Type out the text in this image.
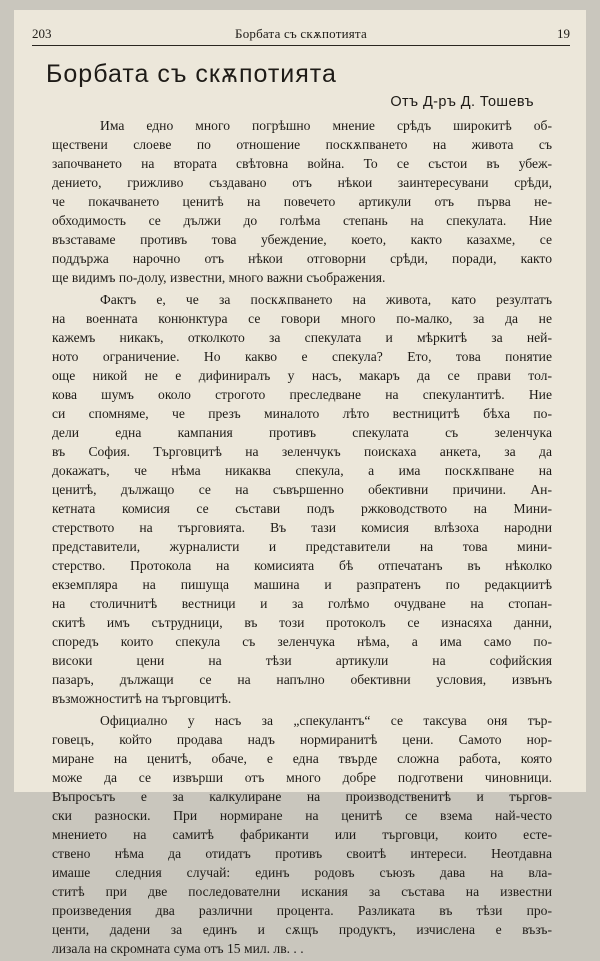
203	Борбата съ скѫпотията	19
Борбата съ скѫпотията
Отъ Д-ръ Д. Тошевъ
Има едно много погрѣшно мнение срѣдъ широкитѣ об-
ществени слоеве по отношение поскѫпването на живота съ
започването на втората свѣтовна война. То се състои въ убеж-
дението, грижливо създавано отъ нѣкои заинтересувани срѣди,
че покачването ценитѣ на повечето артикули отъ първа не-
обходимость се дължи до голѣма степань на спекулата. Ние
възставаме противъ това убеждение, което, както казахме, се
поддържа нарочно отъ нѣкои отговорни срѣди, поради, както
ще видимъ по-долу, известни, много важни съображения.
Фактъ е, че за поскѫпването на живота, като резултатъ
на военната конюнктура се говори много по-малко, за да не
кажемъ никакъ, отколкото за спекулата и мѣркитѣ за ней-
ното ограничение. Но какво е спекула? Ето, това понятие
още никой не е дифиниралъ у насъ, макаръ да се прави тол-
кова шумъ около строгото преследване на спекулантитѣ. Ние
си спомняме, че презъ миналото лѣто вестницитѣ бѣха по-
дели една кампания противъ спекулата съ зеленчука
въ София. Търговцитѣ на зеленчукъ поискаха анкета, за да
докажатъ, че нѣма никаква спекула, а има поскѫпване на
ценитѣ, дължащо се на съвършенно обективни причини. Ан-
кетната комисия се състави подъ ржководството на Мини-
стерството на търговията. Въ тази комисия влѣзоха народни
представители, журналисти и представители на това мини-
стерство. Протокола на комисията бѣ отпечатанъ въ нѣколко
екземпляра на пишуща машина и разпратенъ по редакциитѣ
на столичнитѣ вестници и за голѣмо очудване на стопан-
скитѣ имъ сътрудници, въ този протоколъ се изнасяха данни,
споредъ които спекула съ зеленчука нѣма, а има само по-
високи цени на тѣзи артикули на софийския
пазаръ, дължащи се на напълно обективни условия, извънъ
възможноститѣ на търговцитѣ.
Официално у насъ за „спекулантъ“ се таксува оня тър-
говецъ, който продава надъ нормиранитѣ цени. Самото нор-
миране на ценитѣ, обаче, е една твърде сложна работа, която
може да се извърши отъ много добре подготвени чиновници.
Въпросътъ е за калкулиране на производственитѣ и търгов-
ски разноски. При нормиране на ценитѣ се взема най-често
мнението на самитѣ фабриканти или търговци, които есте-
ствено нѣма да отидатъ противъ своитѣ интереси. Неотдавна
имаше следния случай: единъ родовъ съюзъ дава на вла-
ститѣ при две последователни искания за състава на известни
произведения два различни процента. Разликата въ тѣзи про-
центи, дадени за единъ и сѫщъ продуктъ, изчислена е възъ-
лизала на скромната сума отъ 15 мил. лв. . .
